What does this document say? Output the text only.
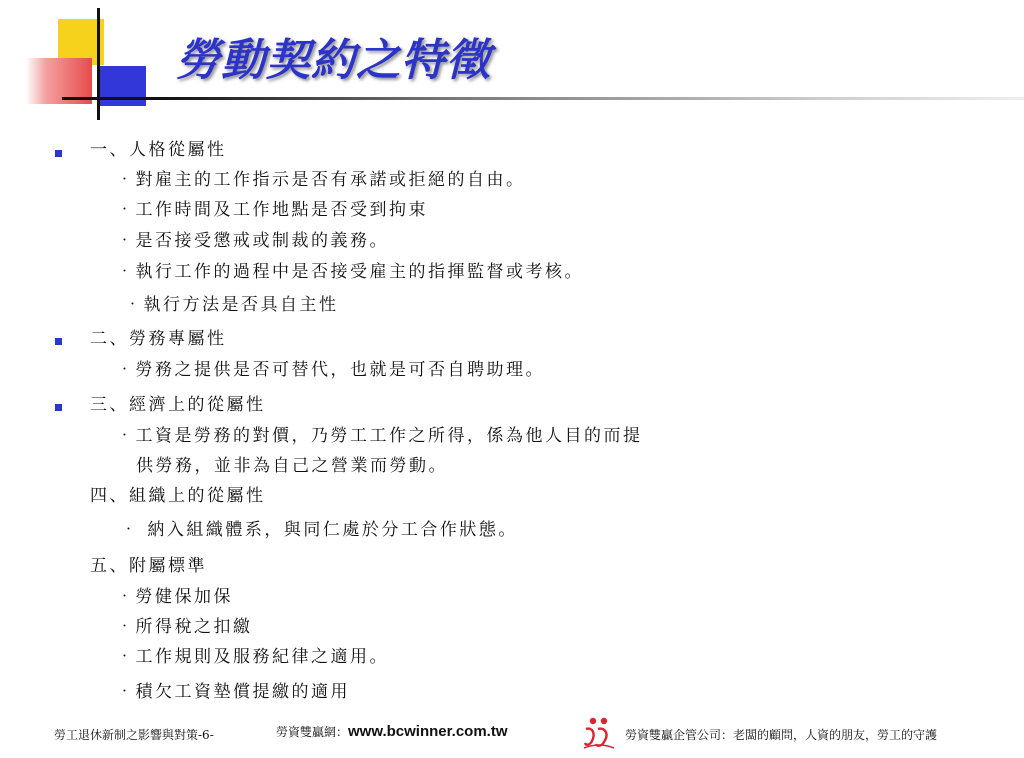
勞動契約之特徵
一、人格從屬性
‧對雇主的工作指示是否有承諾或拒絕的自由。
‧工作時間及工作地點是否受到拘束
‧是否接受懲戒或制裁的義務。
‧執行工作的過程中是否接受雇主的指揮監督或考核。
‧執行方法是否具自主性
二、勞務專屬性
‧勞務之提供是否可替代，也就是可否自聘助理。
三、經濟上的從屬性
‧工資是勞務的對價，乃勞工工作之所得，係為他人目的而提
供勞務，並非為自己之營業而勞動。
四、組織上的從屬性
‧ 納入組織體系，與同仁處於分工合作狀態。
五、附屬標準
‧勞健保加保
‧所得稅之扣繳
‧工作規則及服務紀律之適用。
‧積欠工資墊償提繳的適用
勞工退休新制之影響與對策-6-	勞資雙贏網：www.bcwinner.com.tw	勞資雙贏企管公司：老闆的顧問，人資的朋友，勞工的守護
